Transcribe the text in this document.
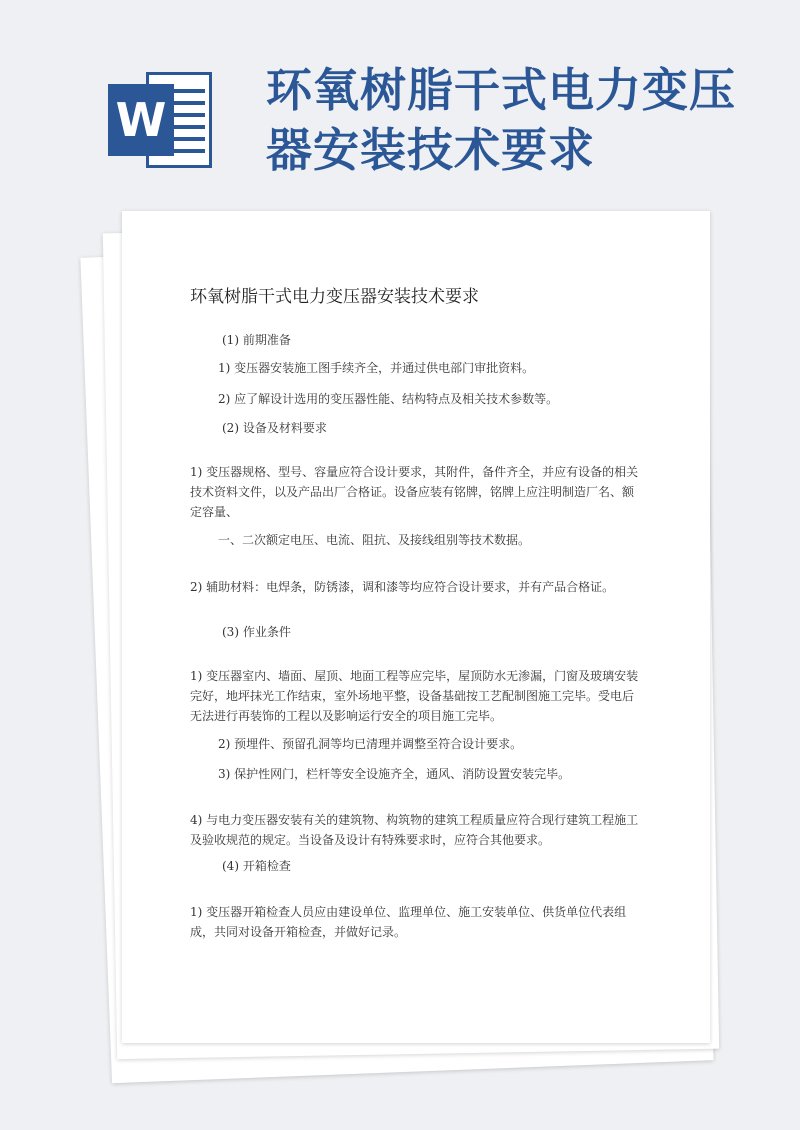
W
环氧树脂干式电力变压器安装技术要求
环氧树脂干式电力变压器安装技术要求
(1) 前期准备
1) 变压器安装施工图手续齐全，并通过供电部门审批资料。
2) 应了解设计选用的变压器性能、结构特点及相关技术参数等。
(2) 设备及材料要求
1) 变压器规格、型号、容量应符合设计要求，其附件，备件齐全，并应有设备的相关技术资料文件，以及产品出厂合格证。设备应装有铭牌，铭牌上应注明制造厂名、额定容量、
一、二次额定电压、电流、阻抗、及接线组别等技术数据。
2) 辅助材料：电焊条，防锈漆，调和漆等均应符合设计要求，并有产品合格证。
(3) 作业条件
1) 变压器室内、墙面、屋顶、地面工程等应完毕，屋顶防水无渗漏，门窗及玻璃安装完好，地坪抹光工作结束，室外场地平整，设备基础按工艺配制图施工完毕。受电后无法进行再装饰的工程以及影响运行安全的项目施工完毕。
2) 预埋件、预留孔洞等均已清理并调整至符合设计要求。
3) 保护性网门，栏杆等安全设施齐全，通风、消防设置安装完毕。
4) 与电力变压器安装有关的建筑物、构筑物的建筑工程质量应符合现行建筑工程施工及验收规范的规定。当设备及设计有特殊要求时，应符合其他要求。
(4) 开箱检查
1) 变压器开箱检查人员应由建设单位、监理单位、施工安装单位、供货单位代表组成，共同对设备开箱检查，并做好记录。
